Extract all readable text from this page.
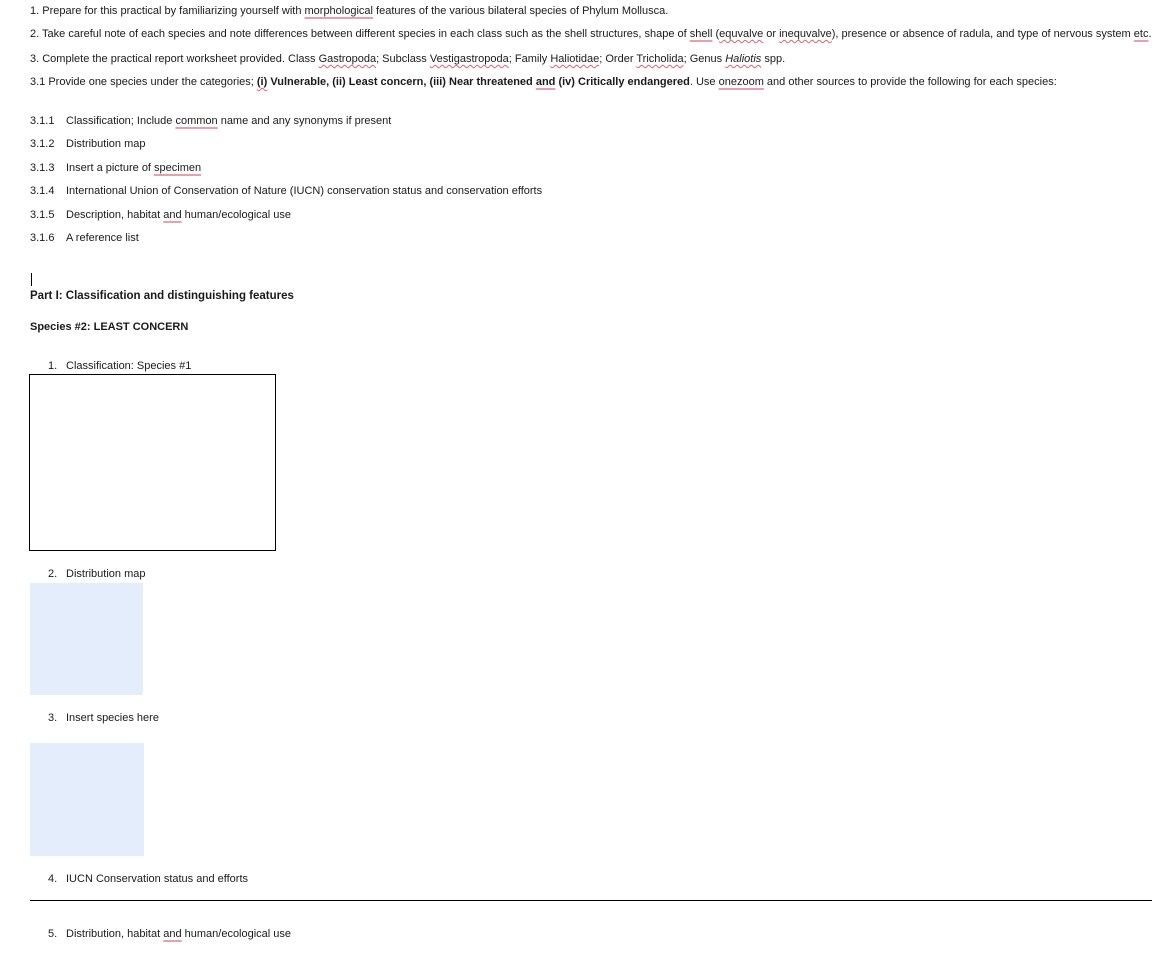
1. Prepare for this practical by familiarizing yourself with morphological features of the various bilateral species of Phylum Mollusca.
2. Take careful note of each species and note differences between different species in each class such as the shell structures, shape of shell (equvalve or inequvalve), presence or absence of radula, and type of nervous system etc.
3. Complete the practical report worksheet provided. Class Gastropoda; Subclass Vestigastropoda; Family Haliotidae; Order Tricholida; Genus Haliotis spp.
3.1 Provide one species under the categories; (i) Vulnerable, (ii) Least concern, (iii) Near threatened and (iv) Critically endangered. Use onezoom and other sources to provide the following for each species:
3.1.1 Classification; Include common name and any synonyms if present
3.1.2 Distribution map
3.1.3 Insert a picture of specimen
3.1.4 International Union of Conservation of Nature (IUCN) conservation status and conservation efforts
3.1.5 Description, habitat and human/ecological use
3.1.6 A reference list
Part I: Classification and distinguishing features
Species #2: LEAST CONCERN
1. Classification: Species #1
2. Distribution map
3. Insert species here
4. IUCN Conservation status and efforts
5. Distribution, habitat and human/ecological use
